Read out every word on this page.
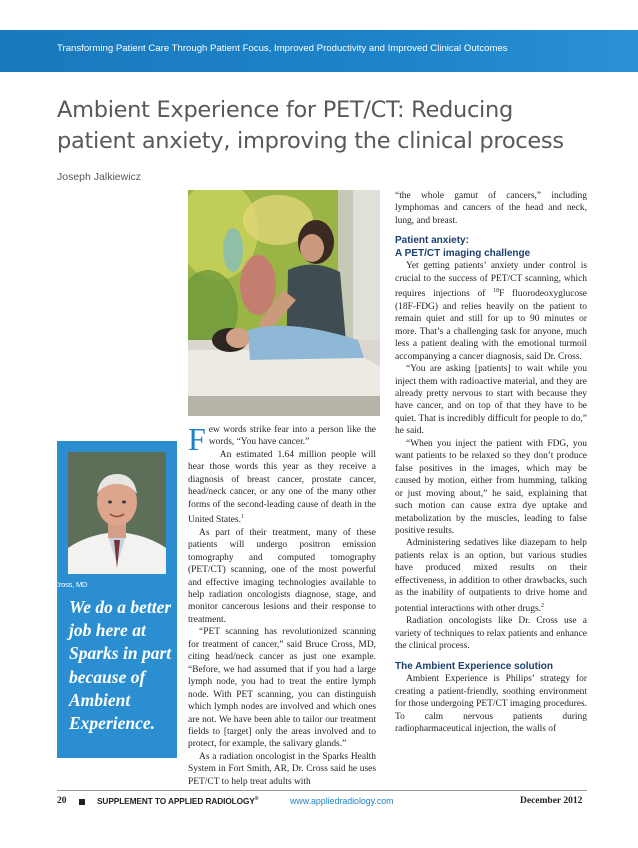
Transforming Patient Care Through Patient Focus, Improved Productivity and Improved Clinical Outcomes
Ambient Experience for PET/CT: Reducing patient anxiety, improving the clinical process
Joseph Jalkiewicz
Bruce A. Cross, MD
We do a better job here at Sparks in part because of Ambient Experience.

Few words strike fear into a person like the words, “You have cancer.”

An estimated 1.64 million people will hear those words this year as they receive a diagnosis of breast cancer, prostate cancer, head/neck cancer, or any one of the many other forms of the second-leading cause of death in the United States.$^1$

As part of their treatment, many of these patients will undergo positron emission tomography and computed tomography (PET/CT) scanning, one of the most powerful and effective imaging technologies available to help radiation oncologists diagnose, stage, and monitor cancerous lesions and their response to treatment.

“PET scanning has revolutionized scanning for treatment of cancer,” said Bruce Cross, MD, citing head/neck cancer as just one example. “Before, we had assumed that if you had a large lymph node, you had to treat the entire lymph node. With PET scanning, you can distinguish which lymph nodes are involved and which ones are not. We have been able to tailor our treatment fields to [target] only the areas involved and to protect, for example, the salivary glands.”

As a radiation oncologist in the Sparks Health System in Fort Smith, AR, Dr. Cross said he uses PET/CT to help treat adults with

“the whole gamut of cancers,” including lymphomas and cancers of the head and neck, lung, and breast.

Patient anxiety:
A PET/CT imaging challenge

Yet getting patients’ anxiety under control is crucial to the success of PET/CT scanning, which requires injections of $^{18}$F fluorodeoxyglucose (18F-FDG) and relies heavily on the patient to remain quiet and still for up to 90 minutes or more. That’s a challenging task for anyone, much less a patient dealing with the emotional turmoil accompanying a cancer diagnosis, said Dr. Cross.

“You are asking [patients] to wait while you inject them with radioactive material, and they are already pretty nervous to start with because they have cancer, and on top of that they have to be quiet. That is incredibly difficult for people to do,” he said.

“When you inject the patient with FDG, you want patients to be relaxed so they don’t produce false positives in the images, which may be caused by motion, either from humming, talking or just moving about,” he said, explaining that such motion can cause extra dye uptake and metabolization by the muscles, leading to false positive results.

Administering sedatives like diazepam to help patients relax is an option, but various studies have produced mixed results on their effectiveness, in addition to other drawbacks, such as the inability of outpatients to drive home and potential interactions with other drugs.$^2$

Radiation oncologists like Dr. Cross use a variety of techniques to relax patients and enhance the clinical process.

The Ambient Experience solution

Ambient Experience is Philips’ strategy for creating a patient-friendly, soothing environment for those undergoing PET/CT imaging procedures. To calm nervous patients during radiopharmaceutical injection, the walls of

20	SUPPLEMENT TO APPLIED RADIOLOGY®	www.appliedradiology.com	December 2012
